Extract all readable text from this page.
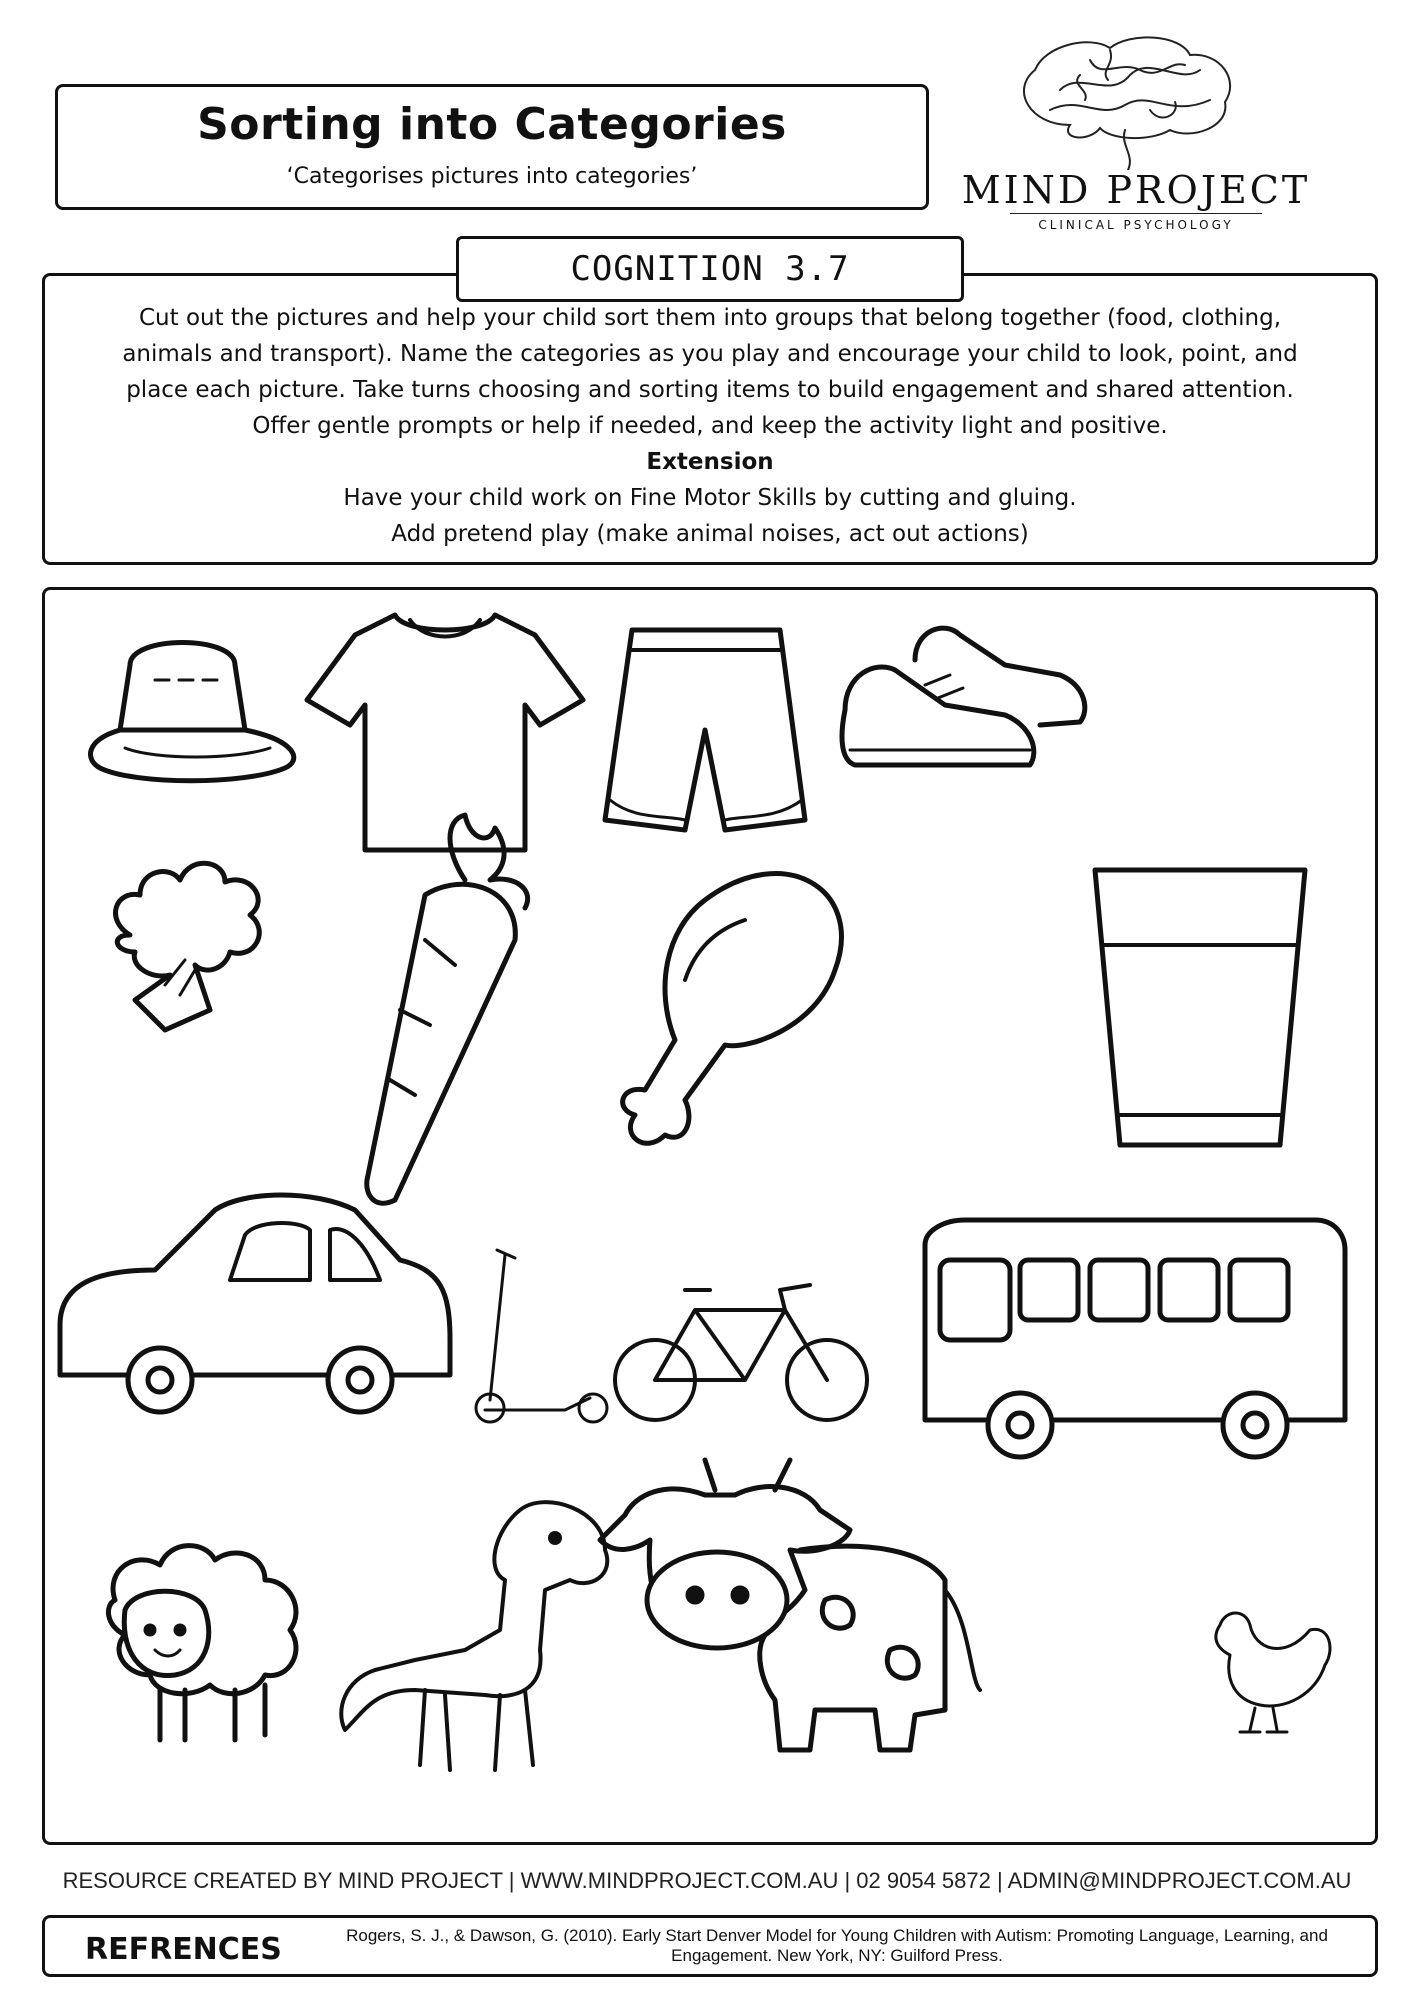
Sorting into Categories
‘Categorises pictures into categories’	MIND PROJECT
CLINICAL PSYCHOLOGY
COGNITION 3.7

Cut out the pictures and help your child sort them into groups that belong together (food, clothing,

animals and transport). Name the categories as you play and encourage your child to look, point, and

place each picture. Take turns choosing and sorting items to build engagement and shared attention.

Offer gentle prompts or help if needed, and keep the activity light and positive.

Extension

Have your child work on Fine Motor Skills by cutting and gluing.

Add pretend play (make animal noises, act out actions)

RESOURCE CREATED BY MIND PROJECT | WWW.MINDPROJECT.COM.AU | 02 9054 5872 | ADMIN@MINDPROJECT.COM.AU
REFRENCES	Rogers, S. J., & Dawson, G. (2010). Early Start Denver Model for Young Children with Autism: Promoting Language, Learning, and
Engagement. New York, NY: Guilford Press.
